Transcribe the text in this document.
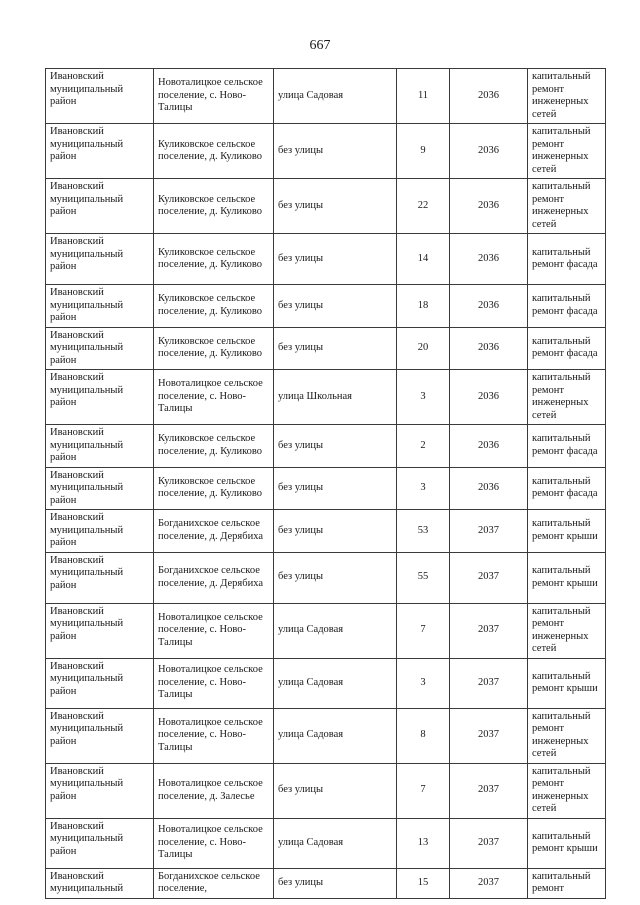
667
Ивановский муниципальный район	Новоталицкое сельское поселение, с. Ново-Талицы	улица Садовая	11	2036	капитальный ремонт инженерных сетей
Ивановский муниципальный район	Куликовское сельское поселение, д. Куликово	без улицы	9	2036	капитальный ремонт инженерных сетей
Ивановский муниципальный район	Куликовское сельское поселение, д. Куликово	без улицы	22	2036	капитальный ремонт инженерных сетей
Ивановский муниципальный район	Куликовское сельское поселение, д. Куликово	без улицы	14	2036	капитальный ремонт фасада
Ивановский муниципальный район	Куликовское сельское поселение, д. Куликово	без улицы	18	2036	капитальный ремонт фасада
Ивановский муниципальный район	Куликовское сельское поселение, д. Куликово	без улицы	20	2036	капитальный ремонт фасада
Ивановский муниципальный район	Новоталицкое сельское поселение, с. Ново-Талицы	улица Школьная	3	2036	капитальный ремонт инженерных сетей
Ивановский муниципальный район	Куликовское сельское поселение, д. Куликово	без улицы	2	2036	капитальный ремонт фасада
Ивановский муниципальный район	Куликовское сельское поселение, д. Куликово	без улицы	3	2036	капитальный ремонт фасада
Ивановский муниципальный район	Богданихское сельское поселение, д. Дерябиха	без улицы	53	2037	капитальный ремонт крыши
Ивановский муниципальный район	Богданихское сельское поселение, д. Дерябиха	без улицы	55	2037	капитальный ремонт крыши
Ивановский муниципальный район	Новоталицкое сельское поселение, с. Ново-Талицы	улица Садовая	7	2037	капитальный ремонт инженерных сетей
Ивановский муниципальный район	Новоталицкое сельское поселение, с. Ново-Талицы	улица Садовая	3	2037	капитальный ремонт крыши
Ивановский муниципальный район	Новоталицкое сельское поселение, с. Ново-Талицы	улица Садовая	8	2037	капитальный ремонт инженерных сетей
Ивановский муниципальный район	Новоталицкое сельское поселение, д. Залесье	без улицы	7	2037	капитальный ремонт инженерных сетей
Ивановский муниципальный район	Новоталицкое сельское поселение, с. Ново-Талицы	улица Садовая	13	2037	капитальный ремонт крыши
Ивановский муниципальный	Богданихское сельское поселение,	без улицы	15	2037	капитальный ремонт
